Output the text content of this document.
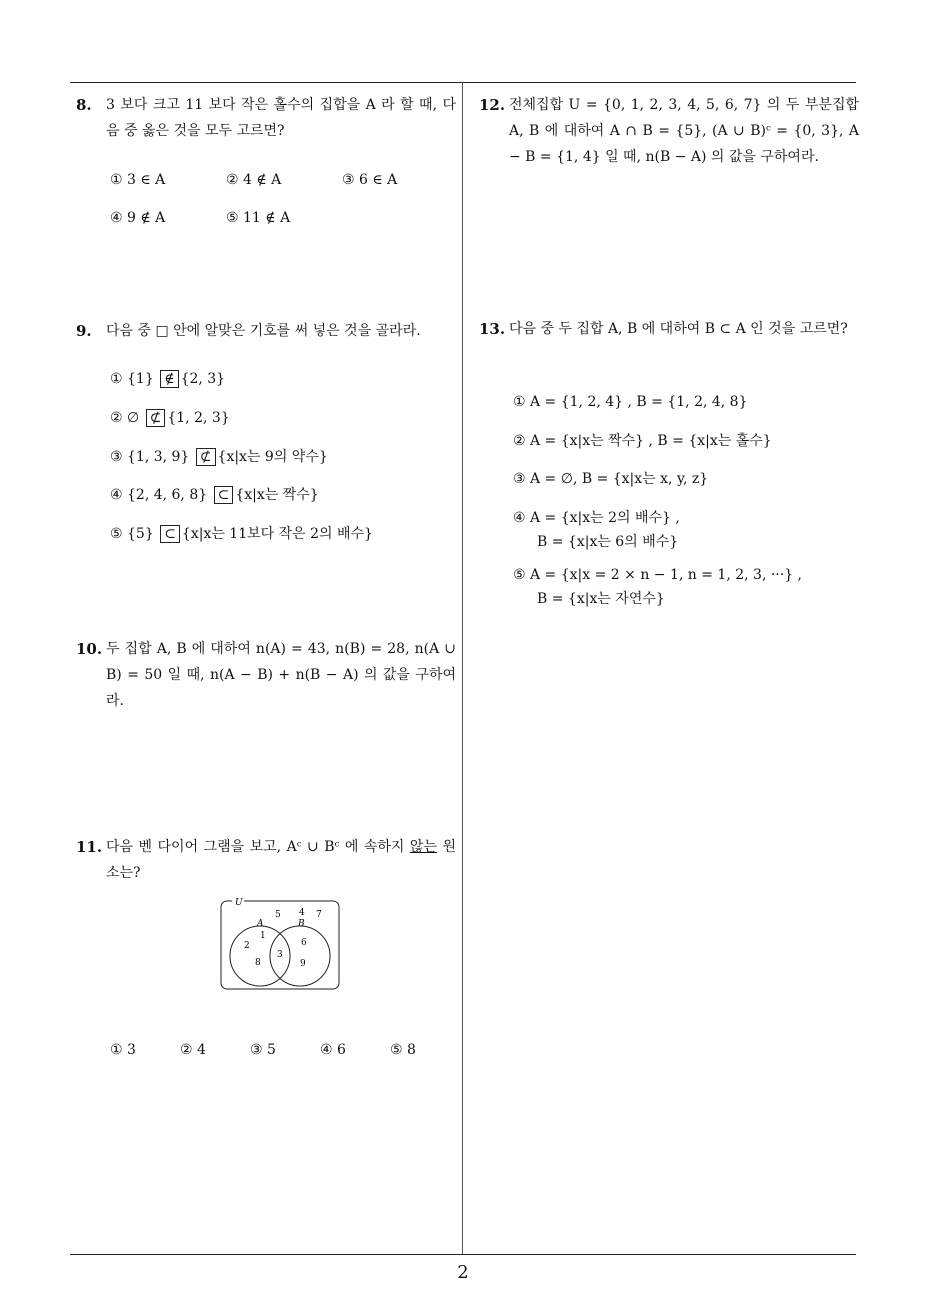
8. 3 보다 크고 11 보다 작은 홀수의 집합을 A 라 할 때, 다음 중 옳은 것을 모두 고르면?
① 3 ∈ A	② 4 ∉ A	③ 6 ∈ A
④ 9 ∉ A	⑤ 11 ∉ A
9. 다음 중 □ 안에 알맞은 기호를 써 넣은 것을 골라라.
① {1} ∉ {2, 3}
② ∅ ⊄ {1, 2, 3}
③ {1, 3, 9} ⊄ {x|x는 9의 약수}
④ {2, 4, 6, 8} ⊂ {x|x는 짝수}
⑤ {5} ⊂ {x|x는 11보다 작은 2의 배수}
10. 두 집합 A, B 에 대하여 n(A) = 43, n(B) = 28, n(A ∪ B) = 50 일 때, n(A − B) + n(B − A) 의 값을 구하여라.
11. 다음 벤 다이어 그램을 보고, Aᶜ ∪ Bᶜ 에 속하지 않는 원소는?
U
A	B
5 4 7
1
2
8
3
6
9
① 3	② 4	③ 5	④ 6	⑤ 8
12. 전체집합 U = {0, 1, 2, 3, 4, 5, 6, 7} 의 두 부분집합 A, B 에 대하여 A ∩ B = {5}, (A ∪ B)ᶜ = {0, 3}, A − B = {1, 4} 일 때, n(B − A) 의 값을 구하여라.
13. 다음 중 두 집합 A, B 에 대하여 B ⊂ A 인 것을 고르면?
① A = {1, 2, 4} , B = {1, 2, 4, 8}
② A = {x|x는 짝수} , B = {x|x는 홀수}
③ A = ∅, B = {x|x는 x, y, z}
④ A = {x|x는 2의 배수} ,
B = {x|x는 6의 배수}
⑤ A = {x|x = 2 × n − 1, n = 1, 2, 3, ···} ,
B = {x|x는 자연수}
2
